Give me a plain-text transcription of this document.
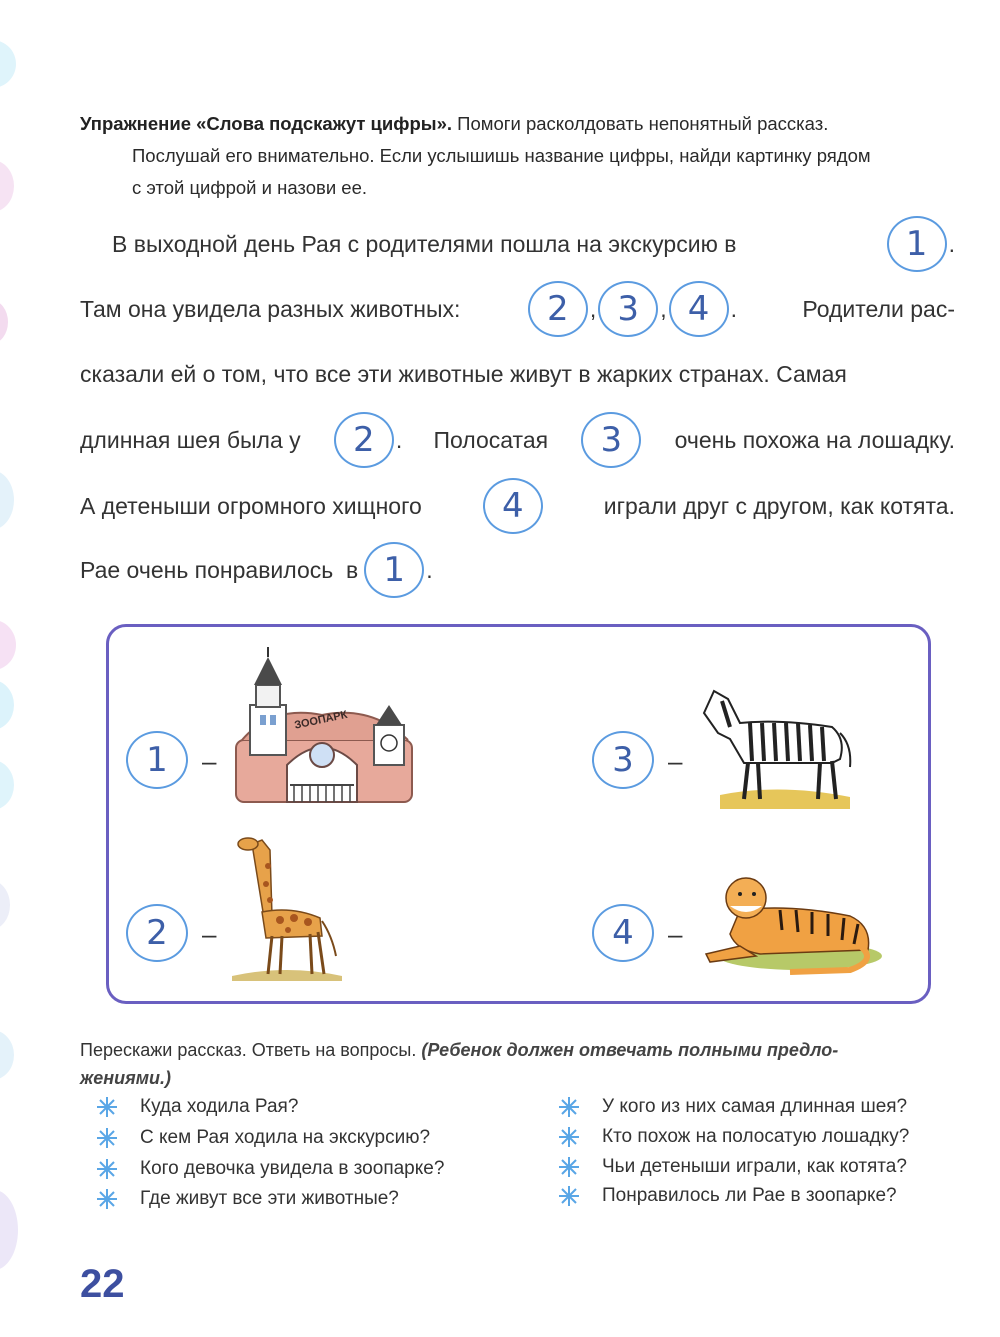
Упражнение «Слова подскажут цифры». Помоги расколдовать непонятный рассказ.
Послушай его внимательно. Если услышишь название цифры, найди картинку рядом
с этой цифрой и назови ее.
В выходной день Рая с родителями пошла на экскурсию в	1 .
Там она увидела разных животных:	2 , 3 , 4 .	Родители рас-
сказали ей о том, что все эти животные живут в жарких странах. Самая
длинная шея была у	2 . Полосатая	3	очень похожа на лошадку.
А детеныши огромного хищного	4	играли друг с другом, как котята.
Рае очень понравилось  в 1 .
1	–
ЗООПАРК
2	–
3	–
4	–
Перескажи рассказ. Ответь на вопросы. (Ребенок должен отвечать полными предло-
жениями.)
Куда ходила Рая?
С кем Рая ходила на экскурсию?
Кого девочка увидела в зоопарке?
Где живут все эти животные?
У кого из них самая длинная шея?
Кто похож на полосатую лошадку?
Чьи детеныши играли, как котята?
Понравилось ли Рае в зоопарке?
22
